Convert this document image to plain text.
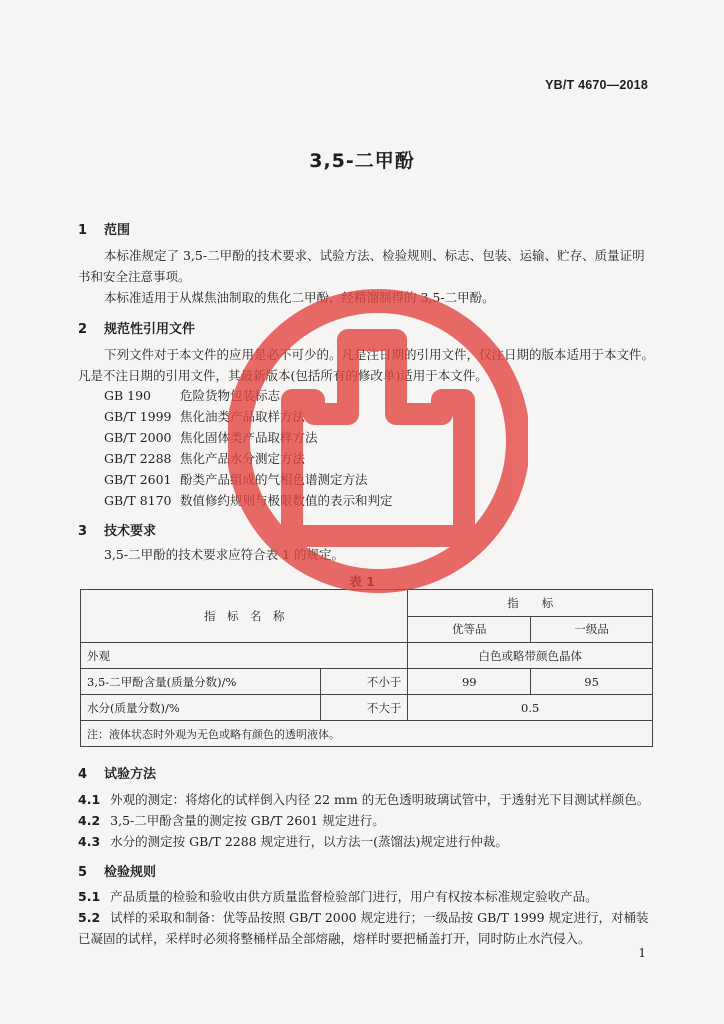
YB/T 4670—2018
3,5-二甲酚
1 范围
本标准规定了 3,5-二甲酚的技术要求、试验方法、检验规则、标志、包装、运输、贮存、质量证明书和安全注意事项。
本标准适用于从煤焦油制取的焦化二甲酚，经精馏制得的 3,5-二甲酚。
2 规范性引用文件
下列文件对于本文件的应用是必不可少的。凡是注日期的引用文件，仅注日期的版本适用于本文件。凡是不注日期的引用文件，其最新版本(包括所有的修改单)适用于本文件。
GB 190 危险货物包装标志
GB/T 1999 焦化油类产品取样方法
GB/T 2000 焦化固体类产品取样方法
GB/T 2288 焦化产品水分测定方法
GB/T 2601 酚类产品组成的气相色谱测定方法
GB/T 8170 数值修约规则与极限数值的表示和判定
3 技术要求
3,5-二甲酚的技术要求应符合表 1 的规定。
表 1
指　标　名　称		指　　标	
		优等品	一级品
外观		白色或略带颜色晶体	
3,5-二甲酚含量(质量分数)/%	不小于	99	95
水分(质量分数)/%	不大于	0.5	
注：液体状态时外观为无色或略有颜色的透明液体。			
4 试验方法
4.1 外观的测定：将熔化的试样倒入内径 22 mm 的无色透明玻璃试管中，于透射光下目测试样颜色。
4.2 3,5-二甲酚含量的测定按 GB/T 2601 规定进行。
4.3 水分的测定按 GB/T 2288 规定进行，以方法一(蒸馏法)规定进行仲裁。
5 检验规则
5.1 产品质量的检验和验收由供方质量监督检验部门进行，用户有权按本标准规定验收产品。
5.2 试样的采取和制备：优等品按照 GB/T 2000 规定进行；一级品按 GB/T 1999 规定进行，对桶装已凝固的试样，采样时必须将整桶样品全部熔融，熔样时要把桶盖打开，同时防止水汽侵入。
1
